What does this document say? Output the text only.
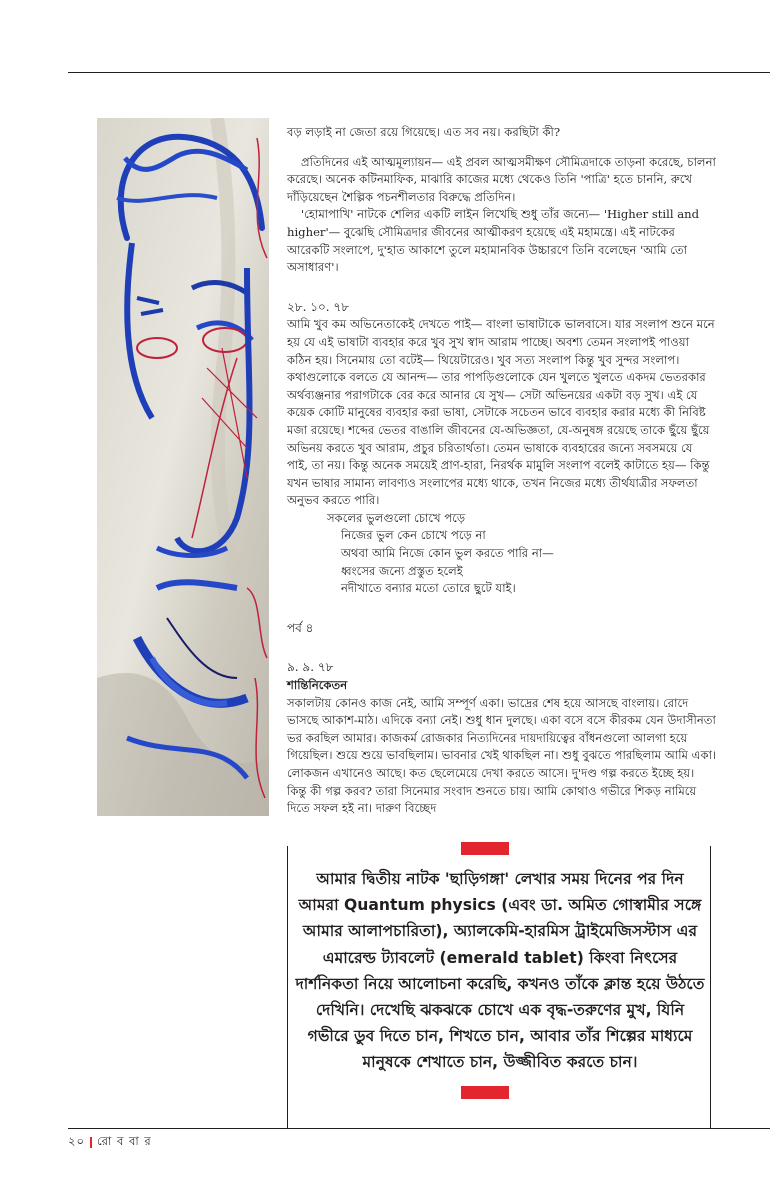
বড় লড়াই না জেতা রয়ে গিয়েছে। এত সব নয়। করছিটা কী?

প্রতিদিনের এই আত্মমূল্যায়ন— এই প্রবল আত্মসমীক্ষণ সৌমিত্রদাকে তাড়না করেছে, চালনা করেছে। অনেক কটিনমাফিক, মাঝারি কাজের মধ্যে থেকেও তিনি 'পাত্রি' হতে চাননি, রুখে দাঁড়িয়েছেন শৈল্পিক পচনশীলতার বিরুদ্ধে প্রতিদিন।

'হোমাপাখি' নাটকে শেলির একটি লাইন লিখেছি শুধু তাঁর জন্যে— 'Higher still and higher'— বুঝেছি সৌমিত্রদার জীবনের আত্মীকরণ হয়েছে এই মহামন্ত্রে। এই নাটকের আরেকটি সংলাপে, দু'হাত আকাশে তুলে মহামানবিক উচ্চারণে তিনি বলেছেন 'আমি তো অসাধারণ'।

২৮. ১০. ৭৮

আমি খুব কম অভিনেতাকেই দেখতে পাই— বাংলা ভাষাটাকে ভালবাসে। যার সংলাপ শুনে মনে হয় যে এই ভাষাটা ব্যবহার করে খুব সুখ স্বাদ আরাম পাচ্ছে। অবশ্য তেমন সংলাপই পাওয়া কঠিন হয়। সিনেমায় তো বটেই— থিয়েটারেও। খুব সত্য সংলাপ কিন্তু খুব সুন্দর সংলাপ। কথাগুলোকে বলতে যে আনন্দ— তার পাপড়িগুলোকে যেন খুলতে খুলতে একদম ভেতরকার অর্থব্যঞ্জনার পরাগটাকে বের করে আনার যে সুখ— সেটা অভিনয়ের একটা বড় সুখ। এই যে কয়েক কোটি মানুষের ব্যবহার করা ভাষা, সেটাকে সচেতন ভাবে ব্যবহার করার মধ্যে কী নিবিষ্ট মজা রয়েছে। শব্দের ভেতর বাঙালি জীবনের যে-অভিজ্ঞতা, যে-অনুষঙ্গ রয়েছে তাকে ছুঁয়ে ছুঁয়ে অভিনয় করতে খুব আরাম, প্রচুর চরিতার্থতা। তেমন ভাষাকে ব্যবহারের জন্যে সবসময়ে যে পাই, তা নয়। কিন্তু অনেক সময়েই প্রাণ-হারা, নিরর্থক মামুলি সংলাপ বলেই কাটাতে হয়— কিন্তু যখন ভাষার সামান্য লাবণ্যও সংলাপের মধ্যে থাকে, তখন নিজের মধ্যে তীর্থযাত্রীর সফলতা অনুভব করতে পারি।

সকলের ভুলগুলো চোখে পড়ে

নিজের ভুল কেন চোখে পড়ে না

অথবা আমি নিজে কোন ভুল করতে পারি না—

ধ্বংসের জন্যে প্রস্তুত হলেই

নদীখাতে বন্যার মতো তোরে ছুটে যাই।

পর্ব ৪

৯. ৯. ৭৮

শান্তিনিকেতন

সকালটায় কোনও কাজ নেই, আমি সম্পূর্ণ একা। ভাদ্রের শেষ হয়ে আসছে বাংলায়। রোদে ভাসছে আকাশ-মাঠ। এদিকে বন্যা নেই। শুধু ধান দুলছে। একা বসে বসে কীরকম যেন উদাসীনতা ভর করছিল আমার। কাজকর্ম রোজকার নিত্যদিনের দায়দায়িত্বের বাঁধনগুলো আলগা হয়ে গিয়েছিল। শুয়ে শুয়ে ভাবছিলাম। ভাবনার খেই থাকছিল না। শুধু বুঝতে পারছিলাম আমি একা। লোকজন এখানেও আছে। কত ছেলেমেয়ে দেখা করতে আসে। দু'দণ্ড গল্প করতে ইচ্ছে হয়। কিন্তু কী গল্প করব? তারা সিনেমার সংবাদ শুনতে চায়। আমি কোথাও গভীরে শিকড় নামিয়ে দিতে সফল হই না। দারুণ বিচ্ছেদ

আমার দ্বিতীয় নাটক 'ছাড়িগঙ্গা' লেখার সময় দিনের পর দিন আমরা Quantum physics (এবং ডা. অমিত গোস্বামীর সঙ্গে আমার আলাপচারিতা), অ্যালকেমি-হারমিস ট্রাইমেজিসস্টাস এর এমারেল্ড ট্যাবলেট (emerald tablet) কিংবা নিৎসের দার্শনিকতা নিয়ে আলোচনা করেছি, কখনও তাঁকে ক্লান্ত হয়ে উঠতে দেখিনি। দেখেছি ঝকঝকে চোখে এক বৃদ্ধ-তরুণের মুখ, যিনি গভীরে ডুব দিতে চান, শিখতে চান, আবার তাঁর শিল্পের মাধ্যমে মানুষকে শেখাতে চান, উজ্জীবিত করতে চান।
২০ রো ব বা র
